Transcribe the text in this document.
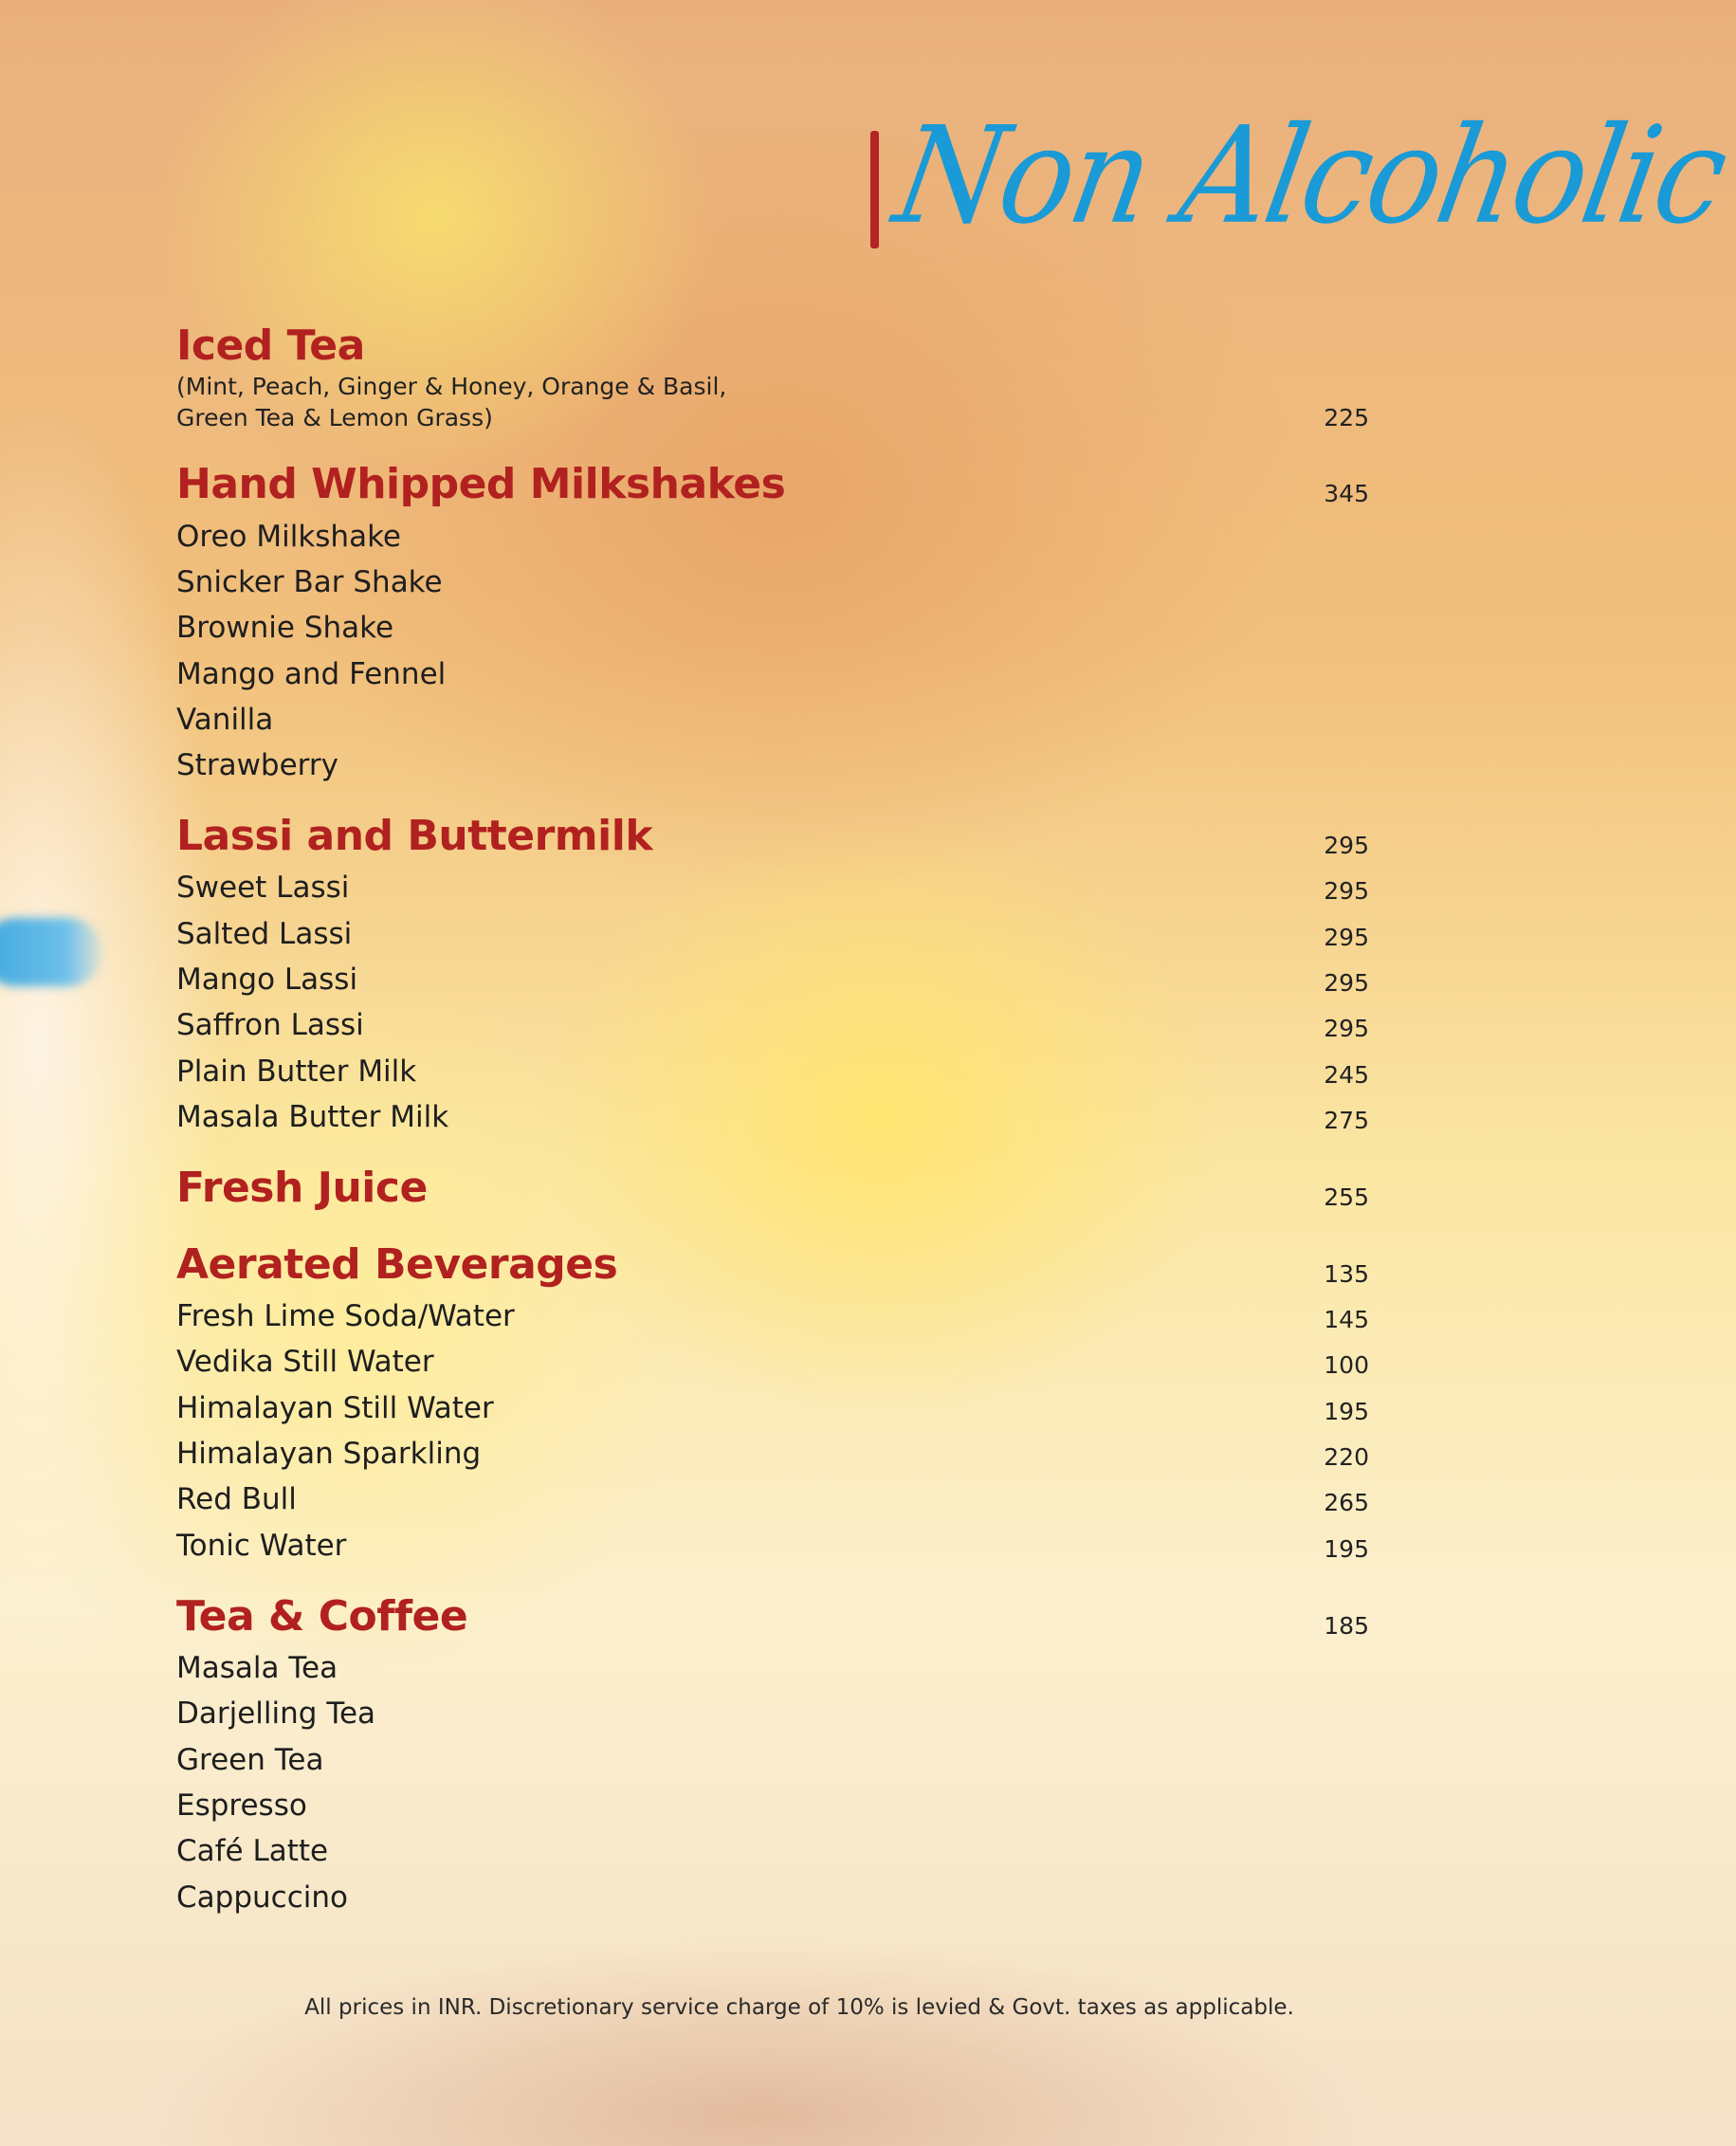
Non Alcoholic
Iced Tea
(Mint, Peach, Ginger & Honey, Orange & Basil,
Green Tea & Lemon Grass)	225
Hand Whipped Milkshakes	345
Oreo Milkshake
Snicker Bar Shake
Brownie Shake
Mango and Fennel
Vanilla
Strawberry
Lassi and Buttermilk	295
Sweet Lassi	295
Salted Lassi	295
Mango Lassi	295
Saffron Lassi	295
Plain Butter Milk	245
Masala Butter Milk	275
Fresh Juice	255
Aerated Beverages	135
Fresh Lime Soda/Water	145
Vedika Still Water	100
Himalayan Still Water	195
Himalayan Sparkling	220
Red Bull	265
Tonic Water	195
Tea & Coffee	185
Masala Tea
Darjelling Tea
Green Tea
Espresso
Café Latte
Cappuccino
All prices in INR. Discretionary service charge of 10% is levied & Govt. taxes as applicable.
